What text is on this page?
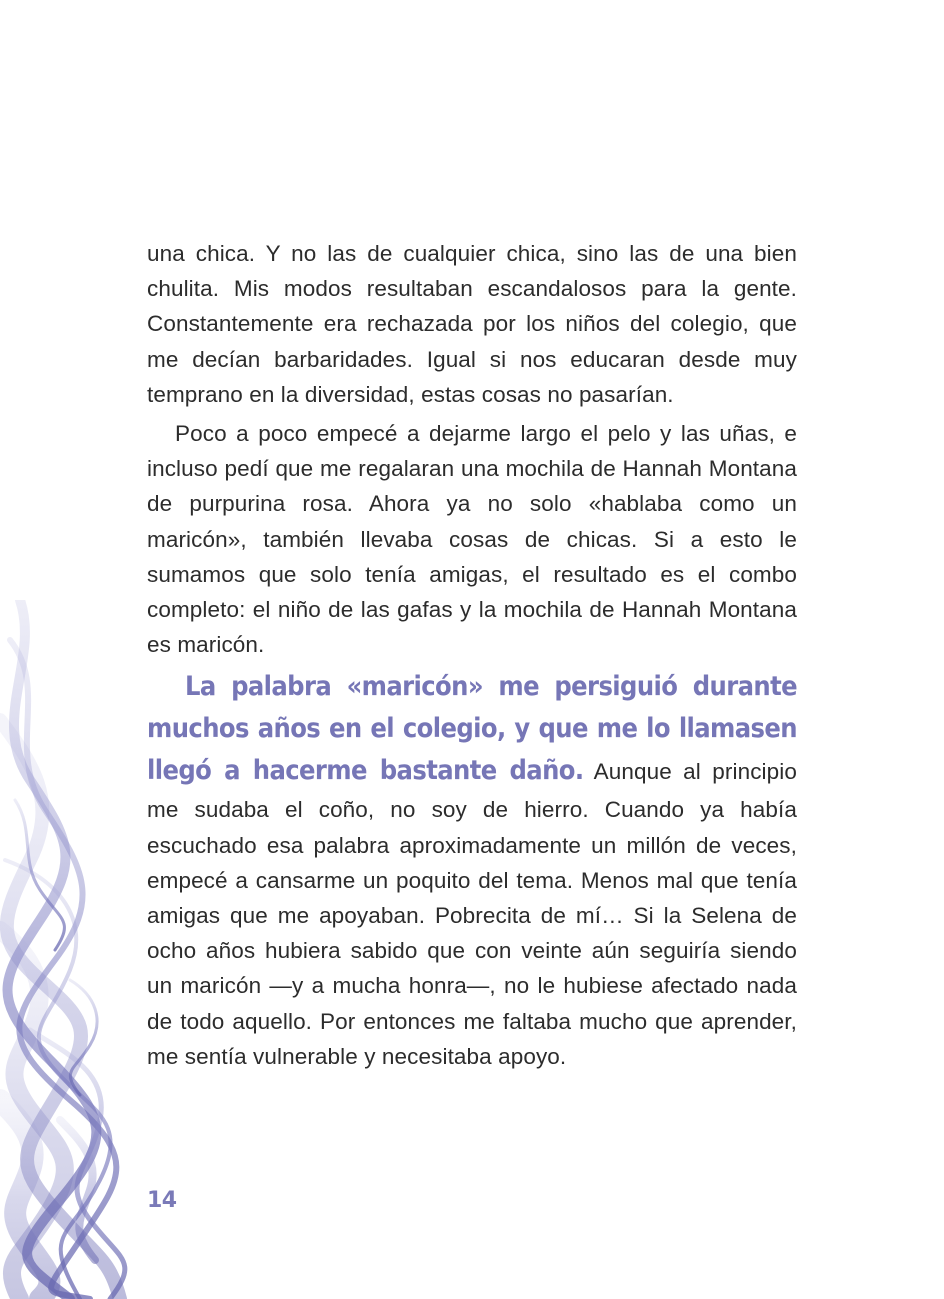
una chica. Y no las de cualquier chica, sino las de una bien chulita. Mis modos resultaban escandalosos para la gente. Constantemente era rechazada por los niños del colegio, que me decían barbaridades. Igual si nos educaran desde muy temprano en la diversidad, estas cosas no pasarían.

Poco a poco empecé a dejarme largo el pelo y las uñas, e incluso pedí que me regalaran una mochila de Hannah Montana de purpurina rosa. Ahora ya no solo «hablaba como un maricón», también llevaba cosas de chicas. Si a esto le sumamos que solo tenía amigas, el resultado es el combo completo: el niño de las gafas y la mochila de Hannah Montana es maricón.

La palabra «maricón» me persiguió durante muchos años en el colegio, y que me lo llamasen llegó a hacerme bastante daño. Aunque al principio me sudaba el coño, no soy de hierro. Cuando ya había escuchado esa palabra aproximadamente un millón de veces, empecé a cansarme un poquito del tema. Menos mal que tenía amigas que me apoyaban. Pobrecita de mí… Si la Selena de ocho años hubiera sabido que con veinte aún seguiría siendo un maricón —y a mucha honra—, no le hubiese afectado nada de todo aquello. Por entonces me faltaba mucho que aprender, me sentía vulnerable y necesitaba apoyo.

14
